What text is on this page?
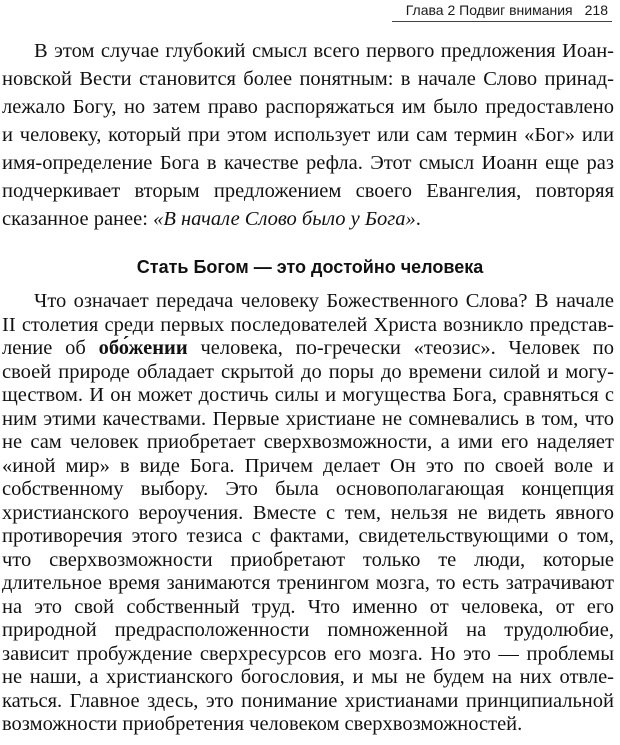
Глава 2 Подвиг внимания 218
В этом случае глубокий смысл всего первого предложения Иоан-
новской Вести становится более понятным: в начале Слово принад-
лежало Богу, но затем право распоряжаться им было предоставлено
и человеку, который при этом использует или сам термин «Бог» или
имя-определение Бога в качестве рефла. Этот смысл Иоанн еще раз
подчеркивает вторым предложением своего Евангелия, повторяя
сказанное ранее: «В начале Слово было у Бога».
Стать Богом — это достойно человека
Что означает передача человеку Божественного Слова? В начале
II столетия среди первых последователей Христа возникло представ-
ление об обо́жении человека, по-гречески «теозис». Человек по
своей природе обладает скрытой до поры до времени силой и могу-
ществом. И он может достичь силы и могущества Бога, сравняться с
ним этими качествами. Первые христиане не сомневались в том, что
не сам человек приобретает сверхвозможности, а ими его наделяет
«иной мир» в виде Бога. Причем делает Он это по своей воле и
собственному выбору. Это была основополагающая концепция
христианского вероучения. Вместе с тем, нельзя не видеть явного
противоречия этого тезиса с фактами, свидетельствующими о том,
что сверхвозможности приобретают только те люди, которые
длительное время занимаются тренингом мозга, то есть затрачивают
на это свой собственный труд. Что именно от человека, от его
природной предрасположенности помноженной на трудолюбие,
зависит пробуждение сверхресурсов его мозга. Но это — проблемы
не наши, а христианского богословия, и мы не будем на них отвле-
каться. Главное здесь, это понимание христианами принципиальной
возможности приобретения человеком сверхвозможностей.
